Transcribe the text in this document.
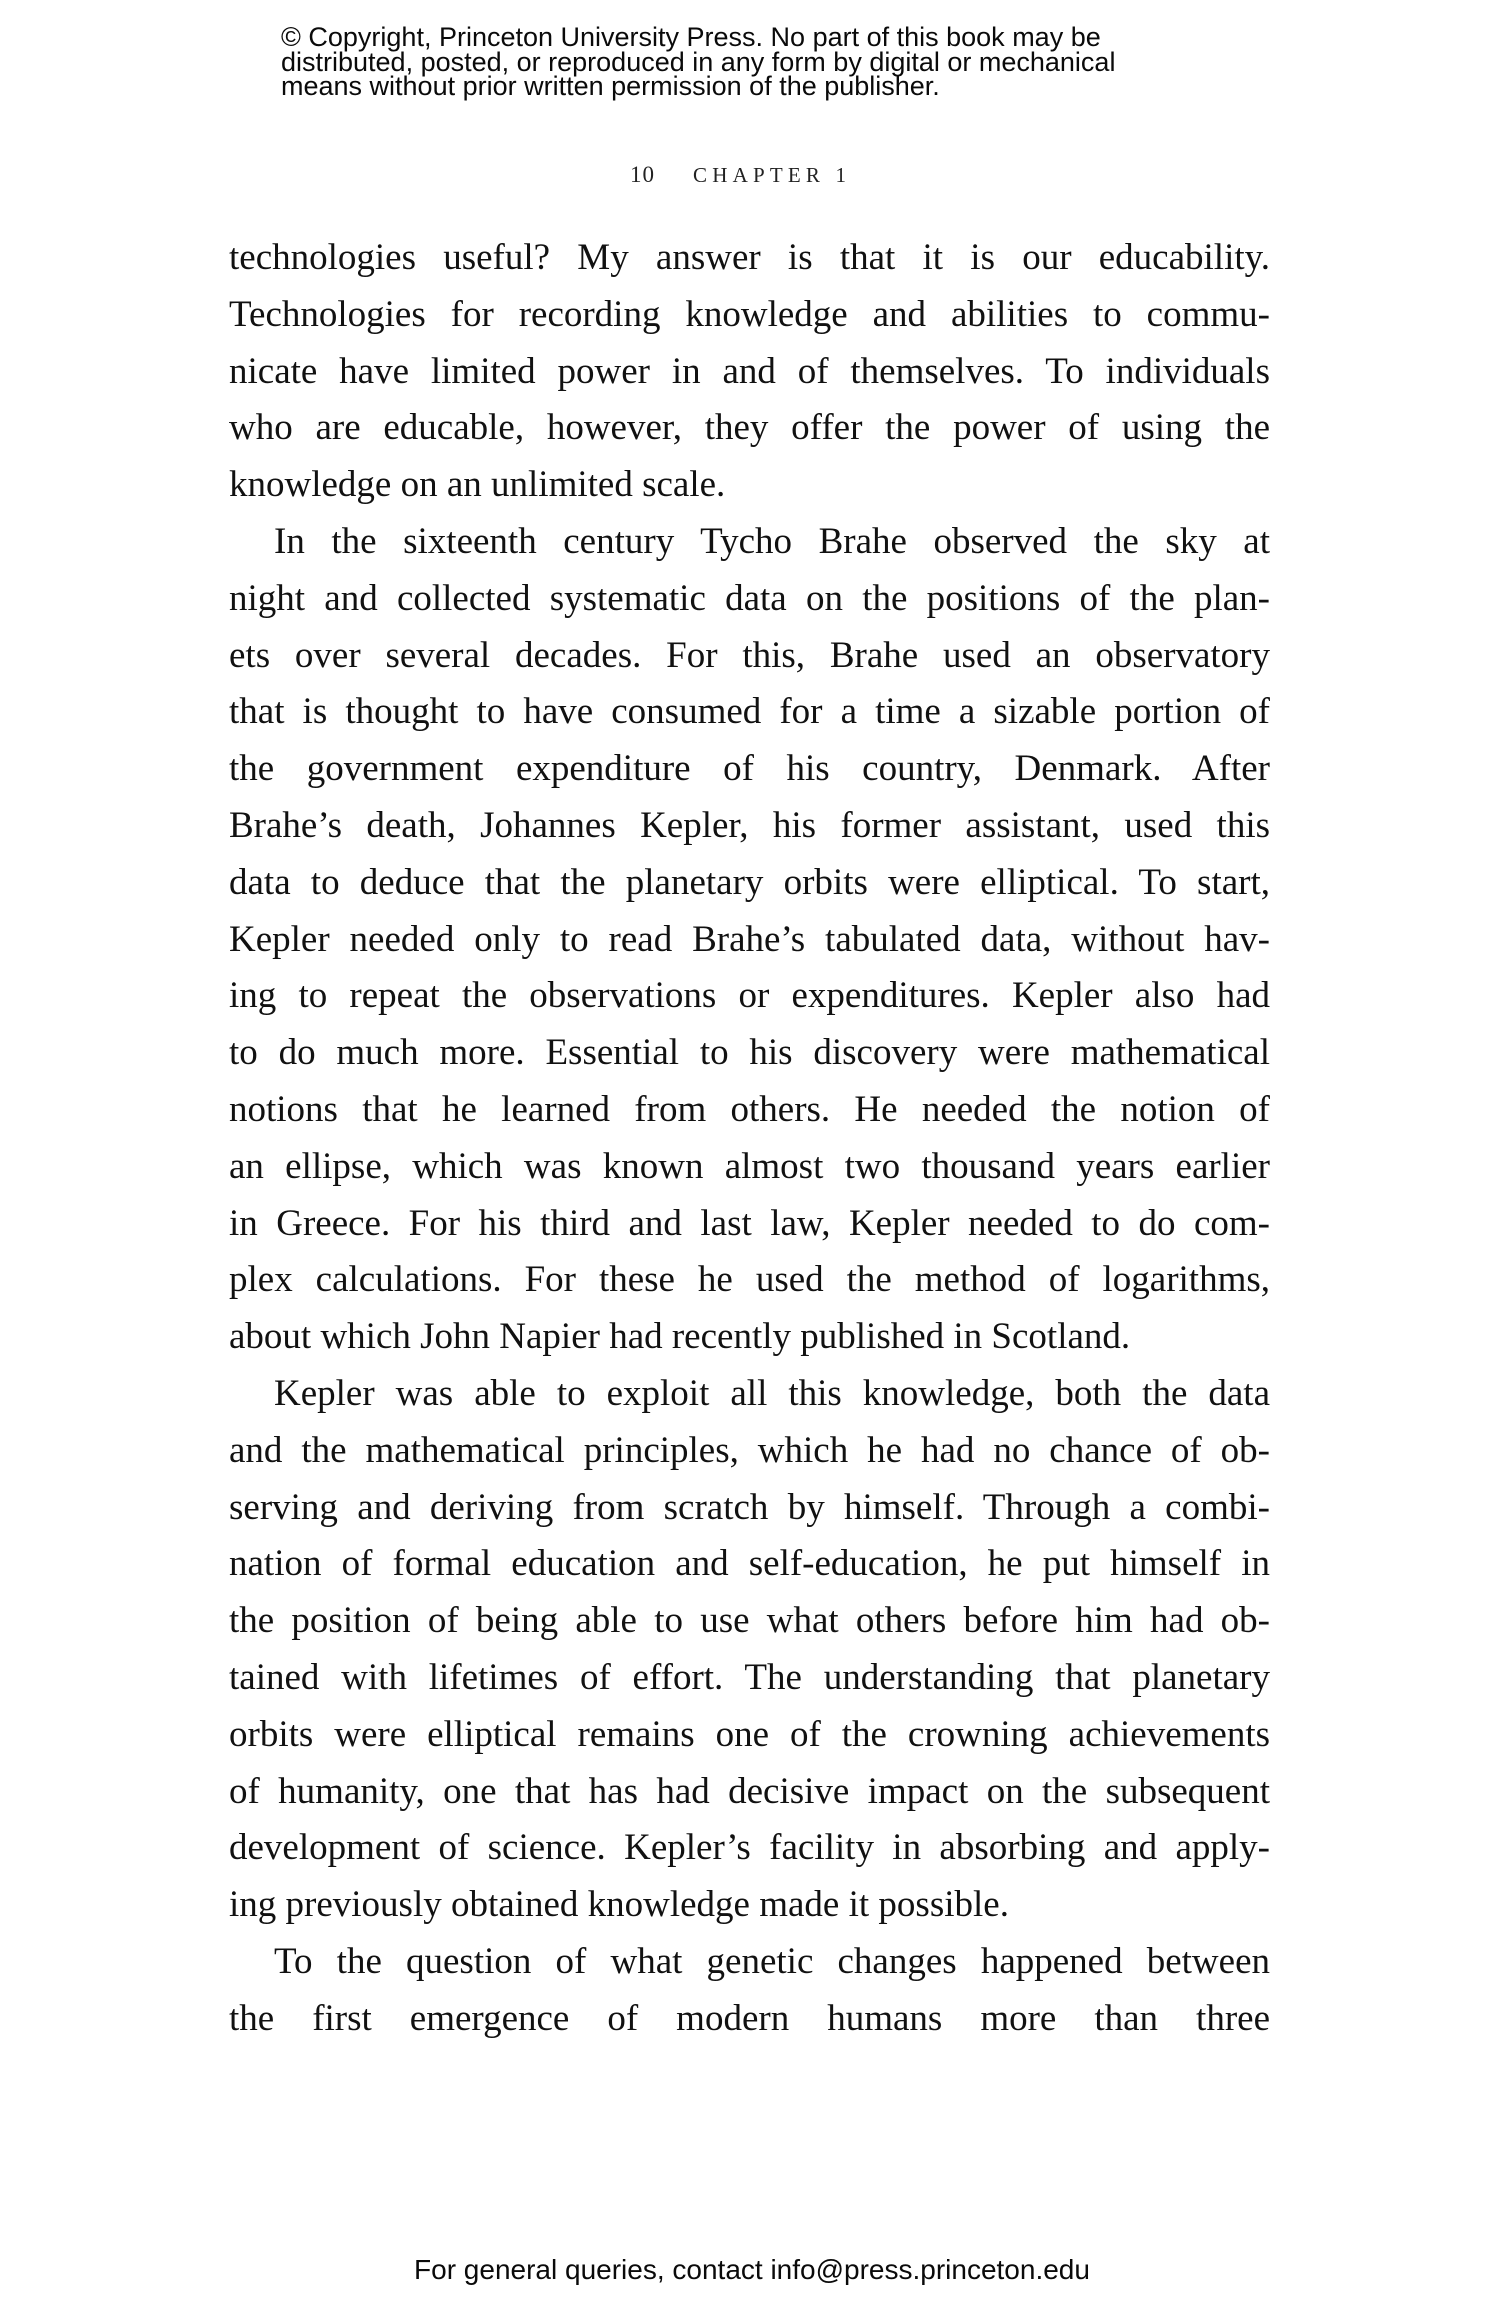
© Copyright, Princeton University Press. No part of this book may be
distributed, posted, or reproduced in any form by digital or mechanical
means without prior written permission of the publisher.
10 CHAPTER 1
technologies useful? My answer is that it is our educability.
Technologies for recording knowledge and abilities to commu-
nicate have limited power in and of themselves. To individuals
who are educable, however, they offer the power of using the
knowledge on an unlimited scale.
In the sixteenth century Tycho Brahe observed the sky at
night and collected systematic data on the positions of the plan-
ets over several decades. For this, Brahe used an observatory
that is thought to have consumed for a time a sizable portion of
the government expenditure of his country, Denmark. After
Brahe’s death, Johannes Kepler, his former assistant, used this
data to deduce that the planetary orbits were elliptical. To start,
Kepler needed only to read Brahe’s tabulated data, without hav-
ing to repeat the observations or expenditures. Kepler also had
to do much more. Essential to his discovery were mathematical
notions that he learned from others. He needed the notion of
an ellipse, which was known almost two thousand years earlier
in Greece. For his third and last law, Kepler needed to do com-
plex calculations. For these he used the method of logarithms,
about which John Napier had recently published in Scotland.
Kepler was able to exploit all this knowledge, both the data
and the mathematical principles, which he had no chance of ob-
serving and deriving from scratch by himself. Through a combi-
nation of formal education and self-education, he put himself in
the position of being able to use what others before him had ob-
tained with lifetimes of effort. The understanding that planetary
orbits were elliptical remains one of the crowning achievements
of humanity, one that has had decisive impact on the subsequent
development of science. Kepler’s facility in absorbing and apply-
ing previously obtained knowledge made it possible.
To the question of what genetic changes happened between
the first emergence of modern humans more than three
For general queries, contact info@press.princeton.edu
